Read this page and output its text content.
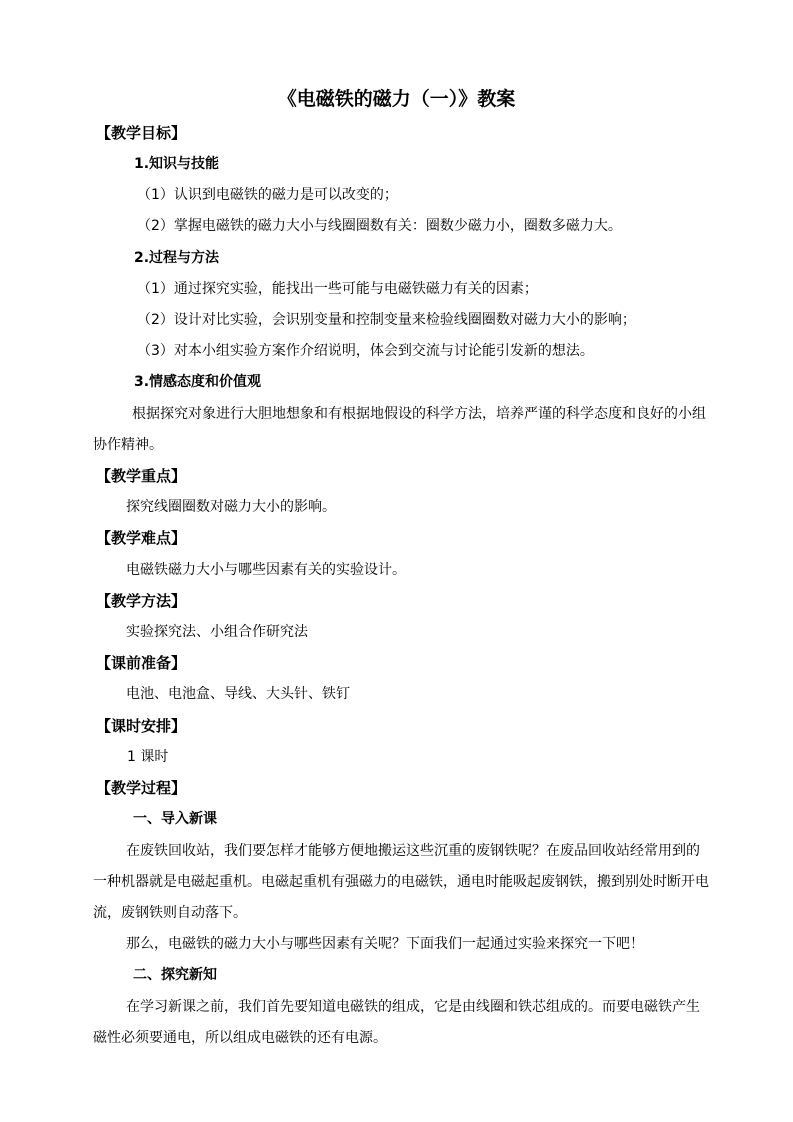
《电磁铁的磁力（一）》教案
【教学目标】
1.知识与技能
（1）认识到电磁铁的磁力是可以改变的；
（2）掌握电磁铁的磁力大小与线圈圈数有关：圈数少磁力小，圈数多磁力大。
2.过程与方法
（1）通过探究实验，能找出一些可能与电磁铁磁力有关的因素；
（2）设计对比实验，会识别变量和控制变量来检验线圈圈数对磁力大小的影响；
（3）对本小组实验方案作介绍说明，体会到交流与讨论能引发新的想法。
3.情感态度和价值观
根据探究对象进行大胆地想象和有根据地假设的科学方法，培养严谨的科学态度和良好的小组
协作精神。
【教学重点】
探究线圈圈数对磁力大小的影响。
【教学难点】
电磁铁磁力大小与哪些因素有关的实验设计。
【教学方法】
实验探究法、小组合作研究法
【课前准备】
电池、电池盒、导线、大头针、铁钉
【课时安排】
1 课时
【教学过程】
一、导入新课
在废铁回收站，我们要怎样才能够方便地搬运这些沉重的废钢铁呢？在废品回收站经常用到的
一种机器就是电磁起重机。电磁起重机有强磁力的电磁铁，通电时能吸起废钢铁，搬到别处时断开电
流，废钢铁则自动落下。
那么，电磁铁的磁力大小与哪些因素有关呢？下面我们一起通过实验来探究一下吧！
二、探究新知
在学习新课之前，我们首先要知道电磁铁的组成，它是由线圈和铁芯组成的。而要电磁铁产生
磁性必须要通电，所以组成电磁铁的还有电源。
